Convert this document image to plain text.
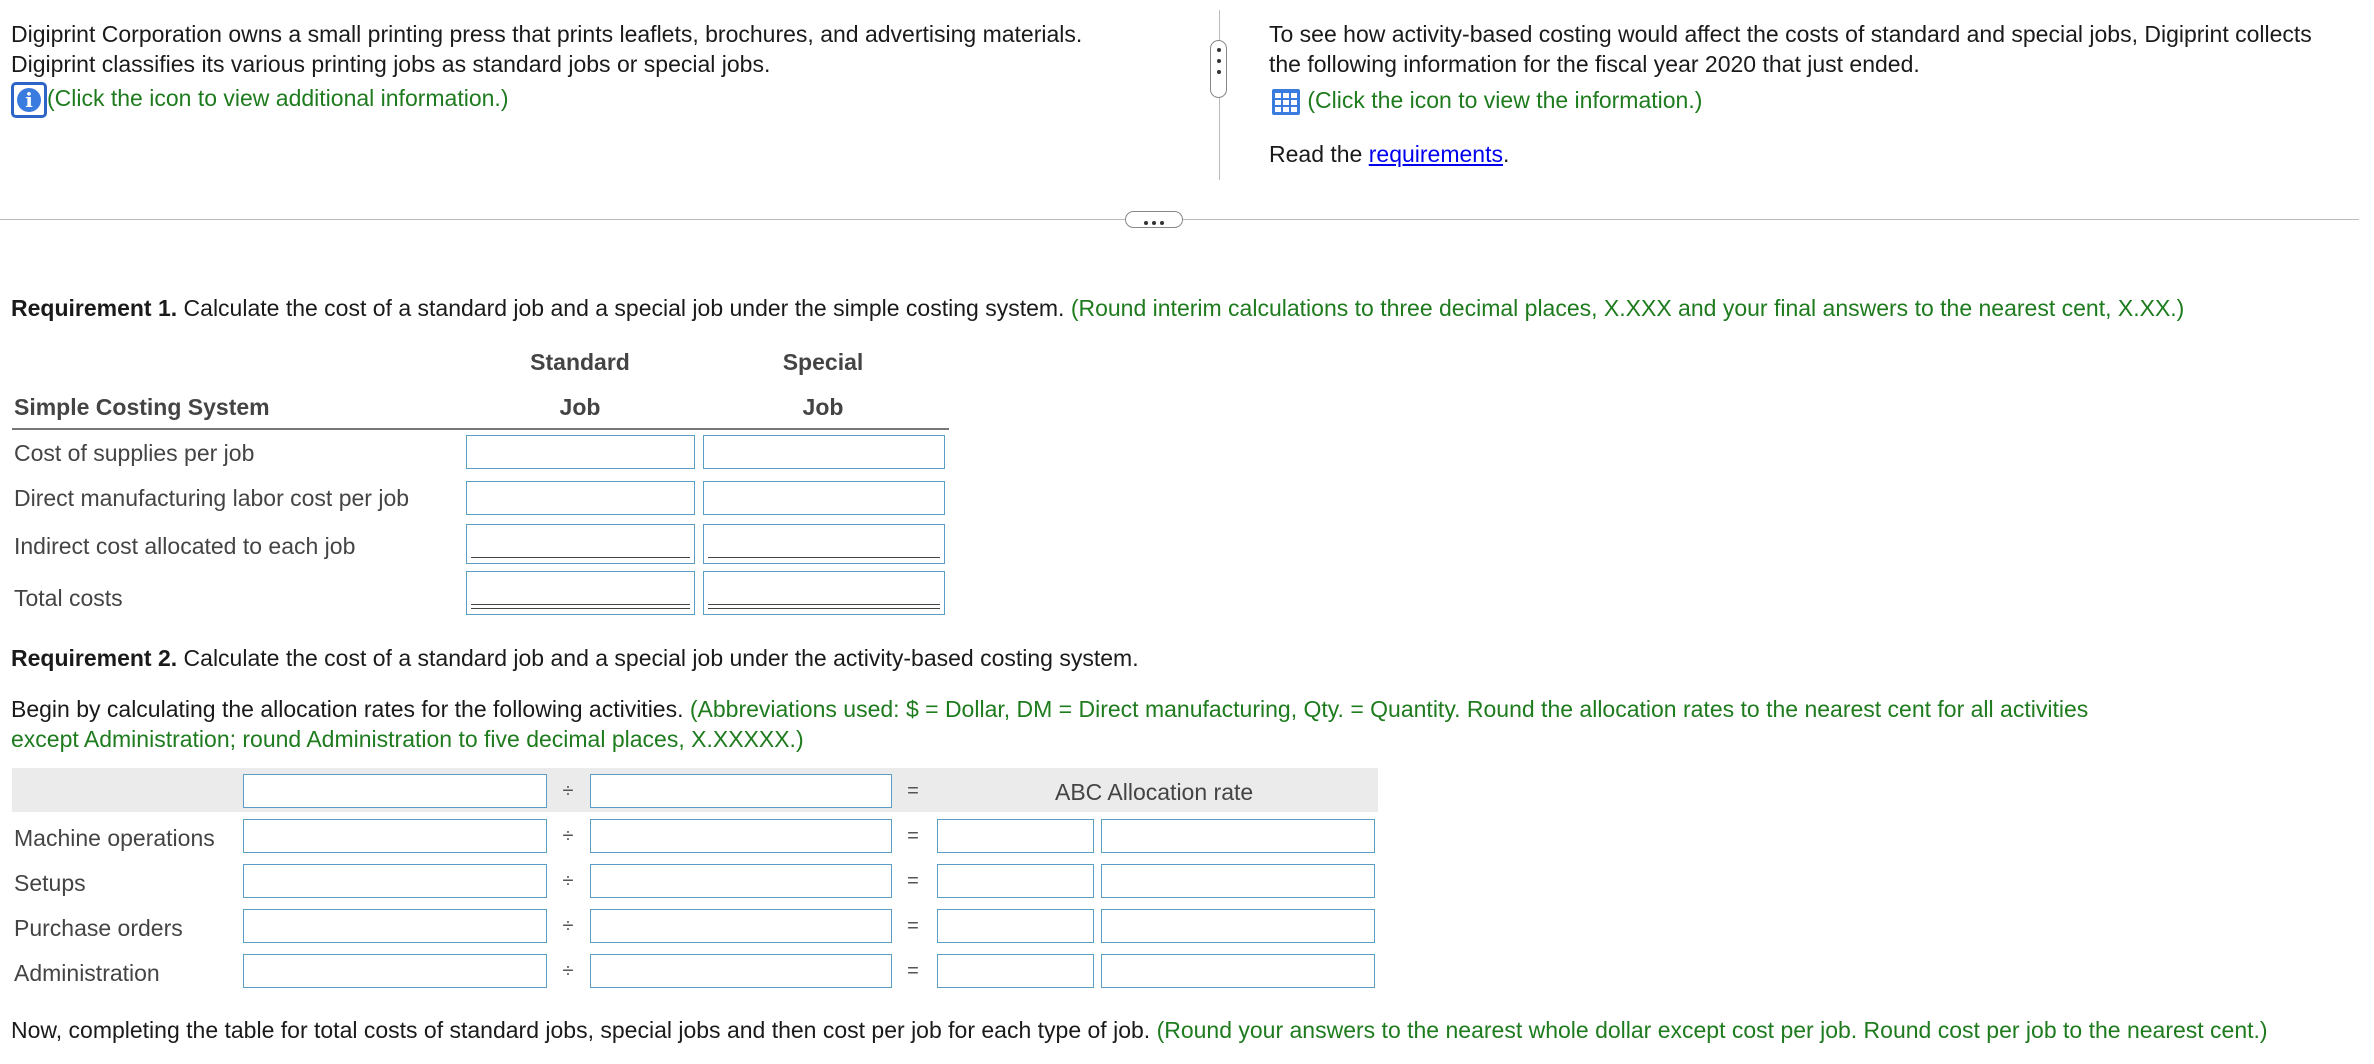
Digiprint Corporation owns a small printing press that prints leaflets, brochures, and advertising materials.
Digiprint classifies its various printing jobs as standard jobs or special jobs.
i (Click the icon to view additional information.)
To see how activity-based costing would affect the costs of standard and special jobs, Digiprint collects
the following information for the fiscal year 2020 that just ended.
(Click the icon to view the information.)
Read the requirements.
Requirement 1. Calculate the cost of a standard job and a special job under the simple costing system. (Round interim calculations to three decimal places, X.XXX and your final answers to the nearest cent, X.XX.)
Standard	Special
Job	Job
Simple Costing System
Cost of supplies per job
Direct manufacturing labor cost per job
Indirect cost allocated to each job
Total costs
Requirement 2. Calculate the cost of a standard job and a special job under the activity-based costing system.
Begin by calculating the allocation rates for the following activities. (Abbreviations used: $ = Dollar, DM = Direct manufacturing, Qty. = Quantity. Round the allocation rates to the nearest cent for all activities
except Administration; round Administration to five decimal places, X.XXXXX.)
÷	=	ABC Allocation rate
Machine operations	÷	=
Setups	÷	=
Purchase orders	÷	=
Administration	÷	=
Now, completing the table for total costs of standard jobs, special jobs and then cost per job for each type of job. (Round your answers to the nearest whole dollar except cost per job. Round cost per job to the nearest cent.)
